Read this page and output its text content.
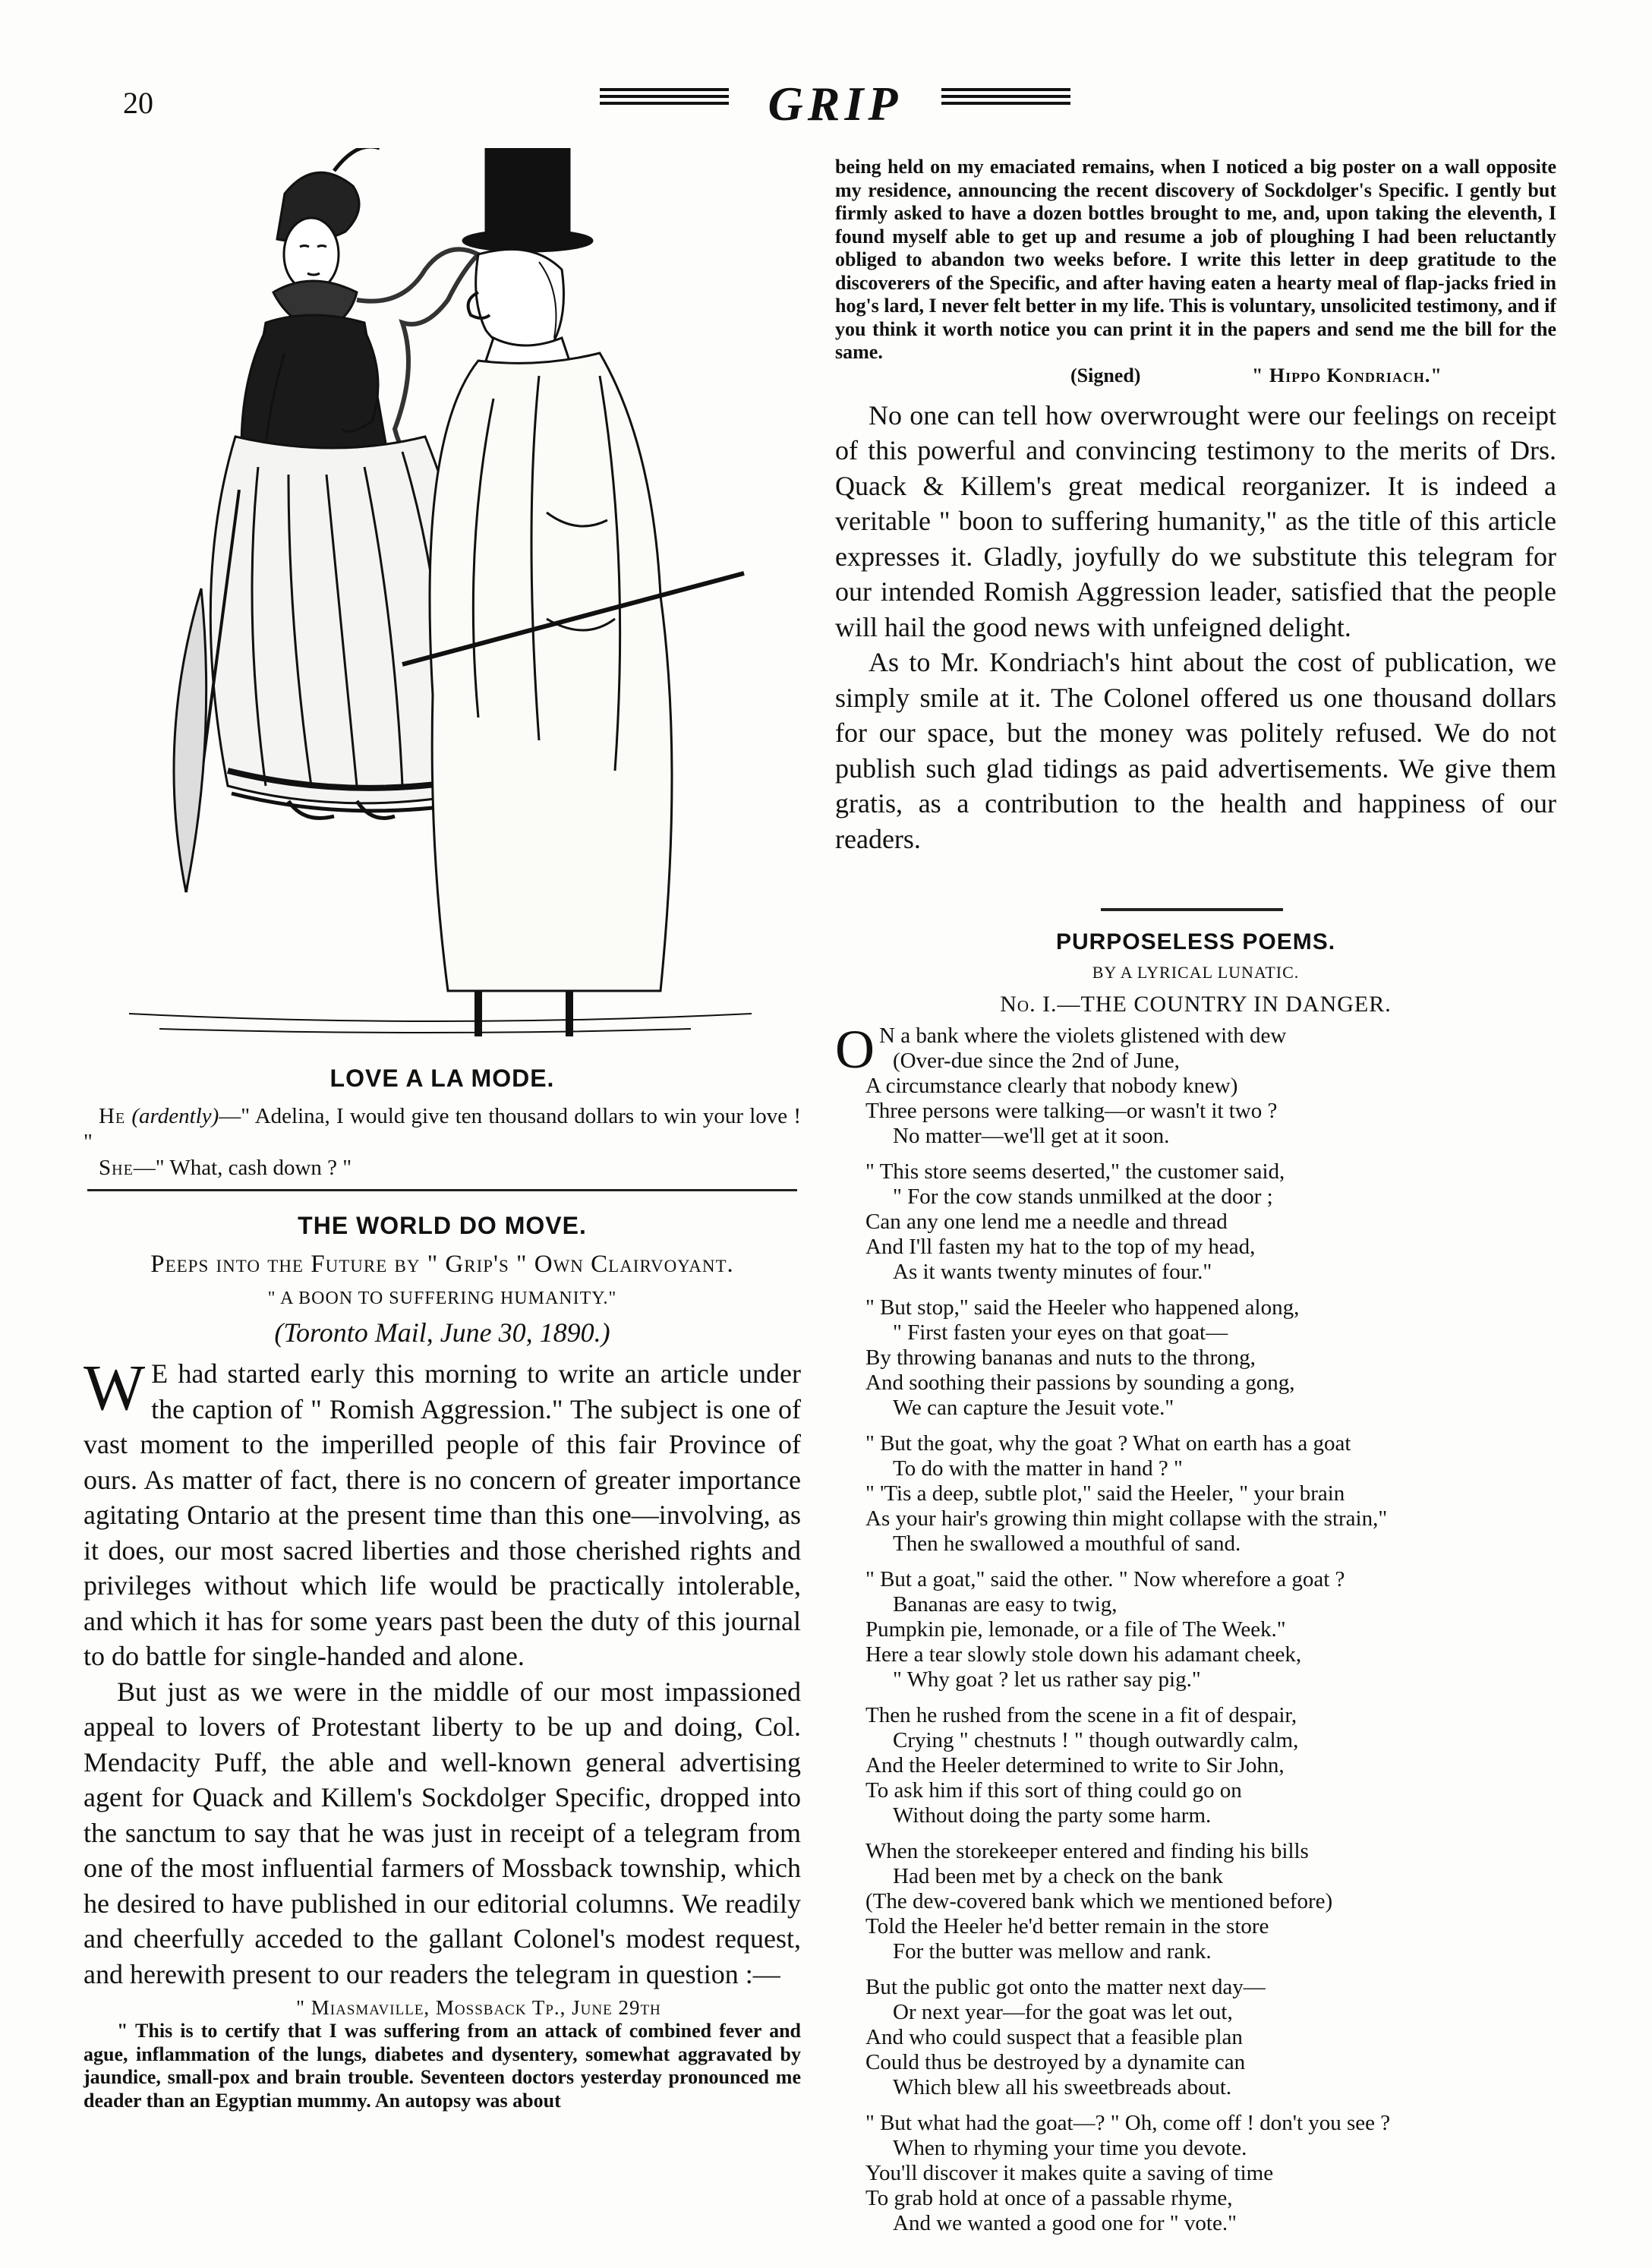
20	GRIP
LOVE A LA MODE.

He (ardently)—" Adelina, I would give ten thousand dollars to win your love ! "

She—" What, cash down ? "

THE WORLD DO MOVE.
Peeps into the Future by " Grip's " Own Clairvoyant.
" A BOON TO SUFFERING HUMANITY."
(Toronto Mail, June 30, 1890.)

W E had started early this morning to write an article under the caption of " Romish Aggression." The subject is one of vast moment to the imperilled people of this fair Province of ours. As matter of fact, there is no concern of greater importance agitating Ontario at the present time than this one—involving, as it does, our most sacred liberties and those cherished rights and privileges without which life would be practically intolerable, and which it has for some years past been the duty of this journal to do battle for single-handed and alone.

But just as we were in the middle of our most impassioned appeal to lovers of Protestant liberty to be up and doing, Col. Mendacity Puff, the able and well-known general advertising agent for Quack and Killem's Sockdolger Specific, dropped into the sanctum to say that he was just in receipt of a telegram from one of the most influential farmers of Mossback township, which he desired to have published in our editorial columns. We readily and cheerfully acceded to the gallant Colonel's modest request, and herewith present to our readers the telegram in question :—

" Miasmaville, Mossback Tp., June 29th

" This is to certify that I was suffering from an attack of combined fever and ague, inflammation of the lungs, diabetes and dysentery, somewhat aggravated by jaundice, small-pox and brain trouble. Seventeen doctors yesterday pronounced me deader than an Egyptian mummy. An autopsy was about

being held on my emaciated remains, when I noticed a big poster on a wall opposite my residence, announcing the recent discovery of Sockdolger's Specific. I gently but firmly asked to have a dozen bottles brought to me, and, upon taking the eleventh, I found myself able to get up and resume a job of ploughing I had been reluctantly obliged to abandon two weeks before. I write this letter in deep gratitude to the discoverers of the Specific, and after having eaten a hearty meal of flap-jacks fried in hog's lard, I never felt better in my life. This is voluntary, unsolicited testimony, and if you think it worth notice you can print it in the papers and send me the bill for the same.

(Signed)	" Hippo Kondriach."

No one can tell how overwrought were our feelings on receipt of this powerful and convincing testimony to the merits of Drs. Quack & Killem's great medical reorganizer. It is indeed a veritable " boon to suffering humanity," as the title of this article expresses it. Gladly, joyfully do we substitute this telegram for our intended Romish Aggression leader, satisfied that the people will hail the good news with unfeigned delight.

As to Mr. Kondriach's hint about the cost of publication, we simply smile at it. The Colonel offered us one thousand dollars for our space, but the money was politely refused. We do not publish such glad tidings as paid advertisements. We give them gratis, as a contribution to the health and happiness of our readers.

PURPOSELESS POEMS.
BY A LYRICAL LUNATIC.
No. I.—THE COUNTRY IN DANGER.
O N a bank where the violets glistened with dew
(Over-due since the 2nd of June,
A circumstance clearly that nobody knew)
Three persons were talking—or wasn't it two ?
No matter—we'll get at it soon.
" This store seems deserted," the customer said,
" For the cow stands unmilked at the door ;
Can any one lend me a needle and thread
And I'll fasten my hat to the top of my head,
As it wants twenty minutes of four."
" But stop," said the Heeler who happened along,
" First fasten your eyes on that goat—
By throwing bananas and nuts to the throng,
And soothing their passions by sounding a gong,
We can capture the Jesuit vote."
" But the goat, why the goat ? What on earth has a goat
To do with the matter in hand ? "
" 'Tis a deep, subtle plot," said the Heeler, " your brain
As your hair's growing thin might collapse with the strain,"
Then he swallowed a mouthful of sand.
" But a goat," said the other. " Now wherefore a goat ?
Bananas are easy to twig,
Pumpkin pie, lemonade, or a file of The Week."
Here a tear slowly stole down his adamant cheek,
" Why goat ? let us rather say pig."
Then he rushed from the scene in a fit of despair,
Crying " chestnuts ! " though outwardly calm,
And the Heeler determined to write to Sir John,
To ask him if this sort of thing could go on
Without doing the party some harm.
When the storekeeper entered and finding his bills
Had been met by a check on the bank
(The dew-covered bank which we mentioned before)
Told the Heeler he'd better remain in the store
For the butter was mellow and rank.
But the public got onto the matter next day—
Or next year—for the goat was let out,
And who could suspect that a feasible plan
Could thus be destroyed by a dynamite can
Which blew all his sweetbreads about.
" But what had the goat—? " Oh, come off ! don't you see ?
When to rhyming your time you devote.
You'll discover it makes quite a saving of time
To grab hold at once of a passable rhyme,
And we wanted a good one for " vote."
